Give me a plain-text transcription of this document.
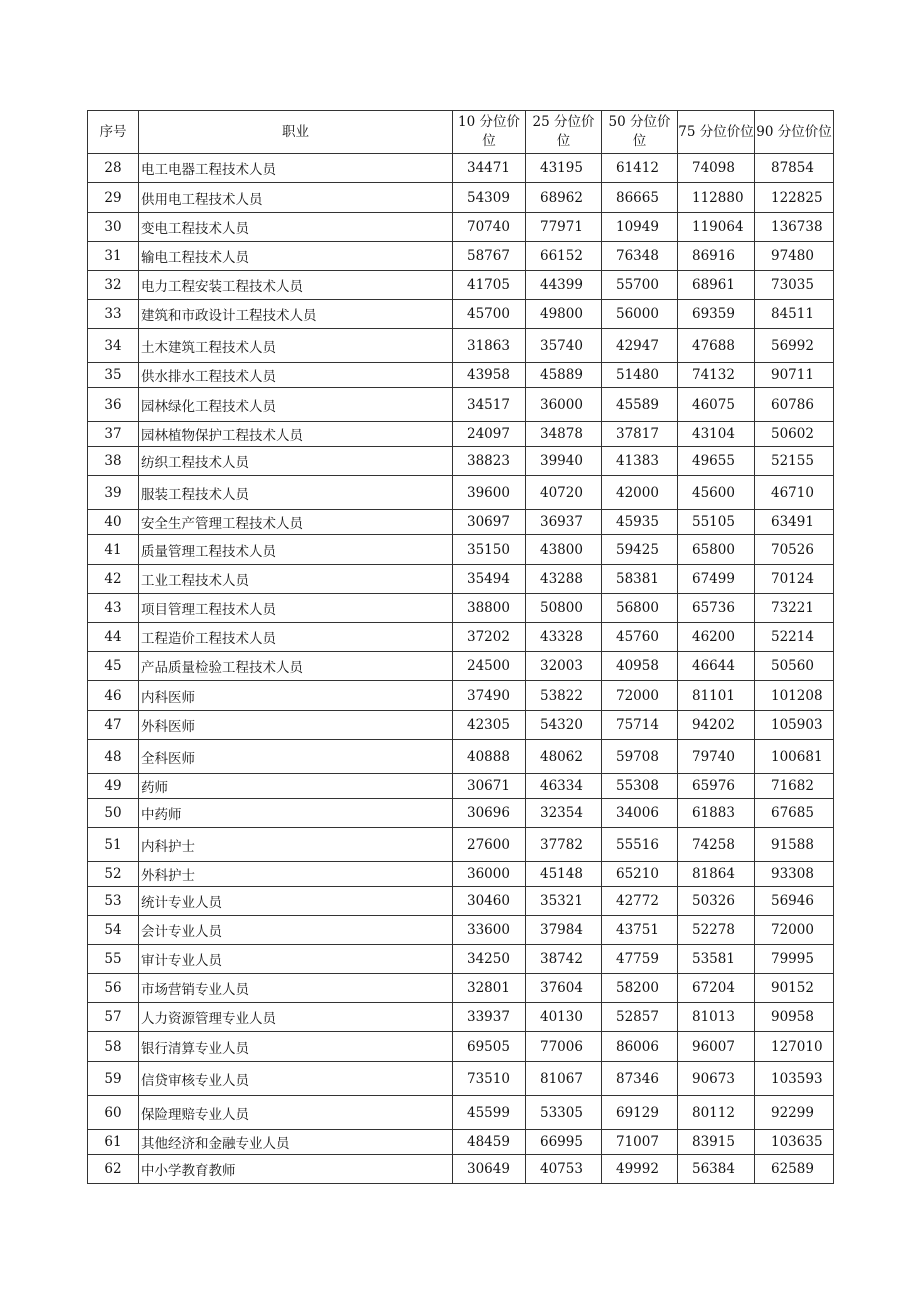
序号	职业	10 分位价位	25 分位价位	50 分位价位	75 分位价位	90 分位价位
28	电工电器工程技术人员	34471	43195	61412	74098	87854
29	供用电工程技术人员	54309	68962	86665	112880	122825
30	变电工程技术人员	70740	77971	10949	119064	136738
31	输电工程技术人员	58767	66152	76348	86916	97480
32	电力工程安装工程技术人员	41705	44399	55700	68961	73035
33	建筑和市政设计工程技术人员	45700	49800	56000	69359	84511
34	土木建筑工程技术人员	31863	35740	42947	47688	56992
35	供水排水工程技术人员	43958	45889	51480	74132	90711
36	园林绿化工程技术人员	34517	36000	45589	46075	60786
37	园林植物保护工程技术人员	24097	34878	37817	43104	50602
38	纺织工程技术人员	38823	39940	41383	49655	52155
39	服装工程技术人员	39600	40720	42000	45600	46710
40	安全生产管理工程技术人员	30697	36937	45935	55105	63491
41	质量管理工程技术人员	35150	43800	59425	65800	70526
42	工业工程技术人员	35494	43288	58381	67499	70124
43	项目管理工程技术人员	38800	50800	56800	65736	73221
44	工程造价工程技术人员	37202	43328	45760	46200	52214
45	产品质量检验工程技术人员	24500	32003	40958	46644	50560
46	内科医师	37490	53822	72000	81101	101208
47	外科医师	42305	54320	75714	94202	105903
48	全科医师	40888	48062	59708	79740	100681
49	药师	30671	46334	55308	65976	71682
50	中药师	30696	32354	34006	61883	67685
51	内科护士	27600	37782	55516	74258	91588
52	外科护士	36000	45148	65210	81864	93308
53	统计专业人员	30460	35321	42772	50326	56946
54	会计专业人员	33600	37984	43751	52278	72000
55	审计专业人员	34250	38742	47759	53581	79995
56	市场营销专业人员	32801	37604	58200	67204	90152
57	人力资源管理专业人员	33937	40130	52857	81013	90958
58	银行清算专业人员	69505	77006	86006	96007	127010
59	信贷审核专业人员	73510	81067	87346	90673	103593
60	保险理赔专业人员	45599	53305	69129	80112	92299
61	其他经济和金融专业人员	48459	66995	71007	83915	103635
62	中小学教育教师	30649	40753	49992	56384	62589
